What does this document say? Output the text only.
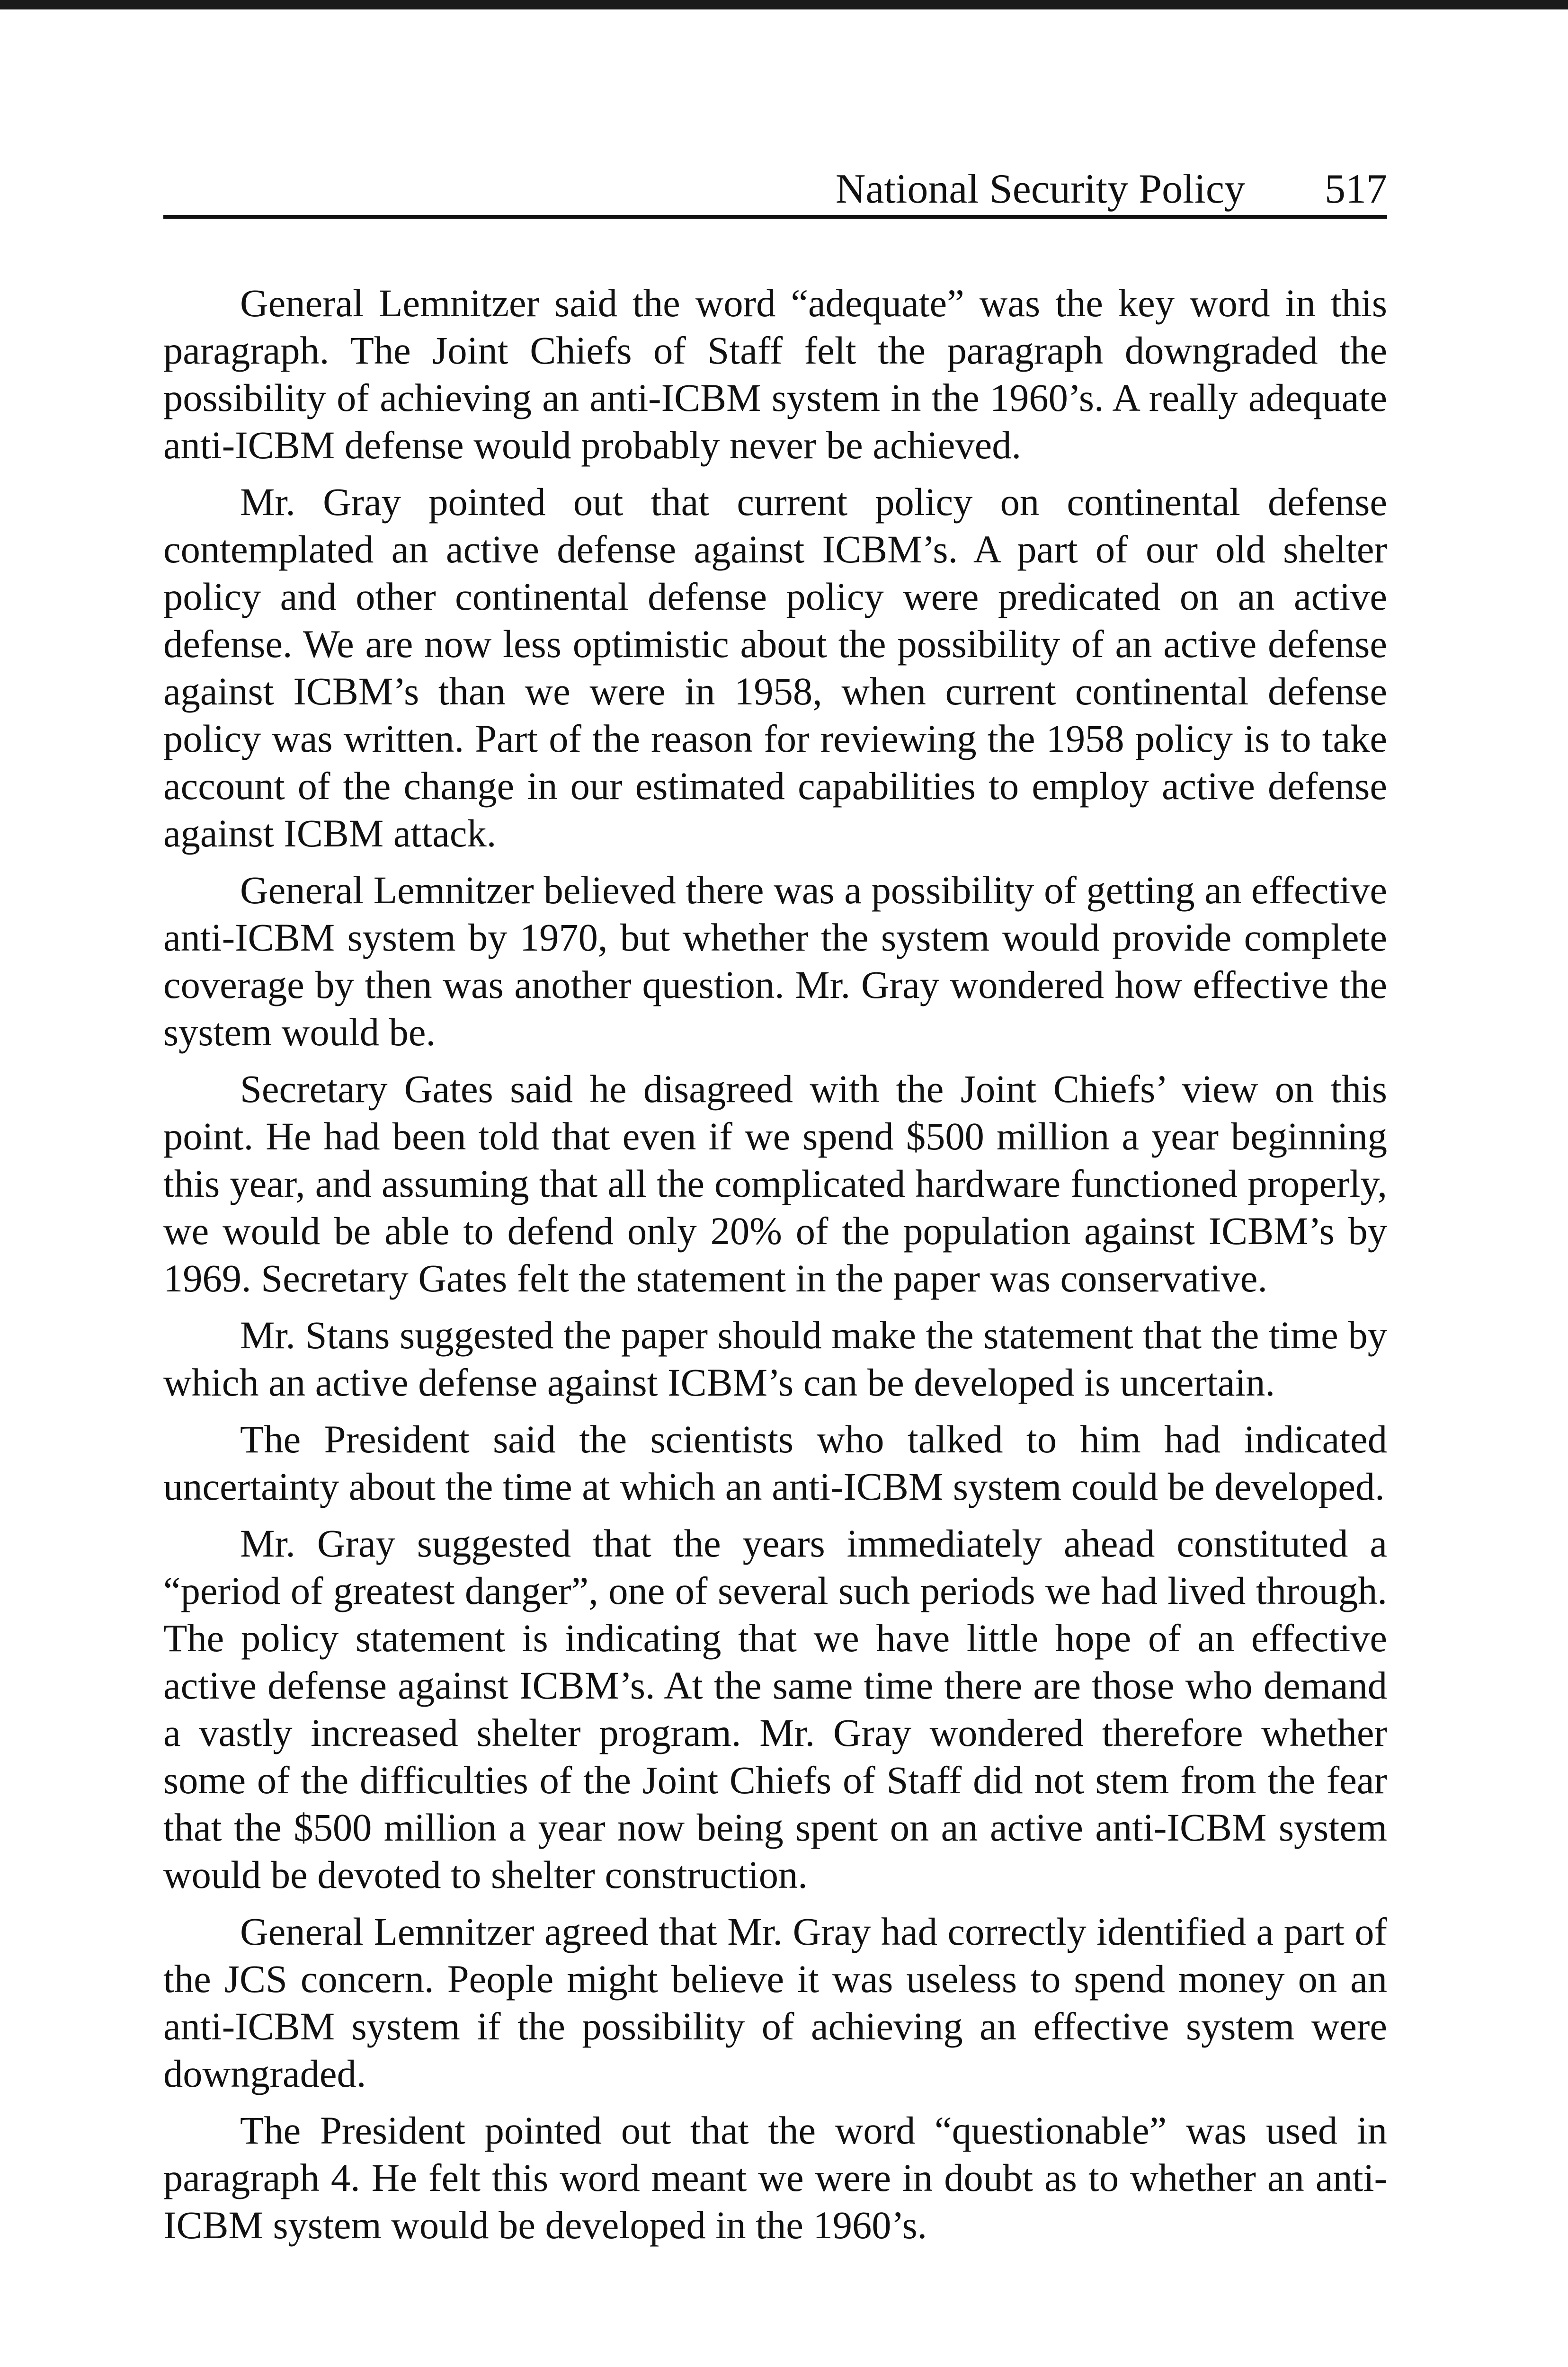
National Security Policy 517

General Lemnitzer said the word “adequate” was the key word in this paragraph. The Joint Chiefs of Staff felt the paragraph downgraded the possibility of achieving an anti-ICBM system in the 1960’s. A really adequate anti-ICBM defense would probably never be achieved.

Mr. Gray pointed out that current policy on continental defense contemplated an active defense against ICBM’s. A part of our old shelter policy and other continental defense policy were predicated on an active defense. We are now less optimistic about the possibility of an active defense against ICBM’s than we were in 1958, when current continental defense policy was written. Part of the reason for reviewing the 1958 policy is to take account of the change in our estimated capabilities to employ active defense against ICBM attack.

General Lemnitzer believed there was a possibility of getting an effective anti-ICBM system by 1970, but whether the system would provide complete coverage by then was another question. Mr. Gray wondered how effective the system would be.

Secretary Gates said he disagreed with the Joint Chiefs’ view on this point. He had been told that even if we spend $500 million a year beginning this year, and assuming that all the complicated hardware functioned properly, we would be able to defend only 20% of the population against ICBM’s by 1969. Secretary Gates felt the statement in the paper was conservative.

Mr. Stans suggested the paper should make the statement that the time by which an active defense against ICBM’s can be developed is uncertain.

The President said the scientists who talked to him had indicated uncertainty about the time at which an anti-ICBM system could be developed.

Mr. Gray suggested that the years immediately ahead constituted a “period of greatest danger”, one of several such periods we had lived through. The policy statement is indicating that we have little hope of an effective active defense against ICBM’s. At the same time there are those who demand a vastly increased shelter program. Mr. Gray wondered therefore whether some of the difficulties of the Joint Chiefs of Staff did not stem from the fear that the $500 million a year now being spent on an active anti-ICBM system would be devoted to shelter construction.

General Lemnitzer agreed that Mr. Gray had correctly identified a part of the JCS concern. People might believe it was useless to spend money on an anti-ICBM system if the possibility of achieving an effective system were downgraded.

The President pointed out that the word “questionable” was used in paragraph 4. He felt this word meant we were in doubt as to whether an anti-ICBM system would be developed in the 1960’s.
